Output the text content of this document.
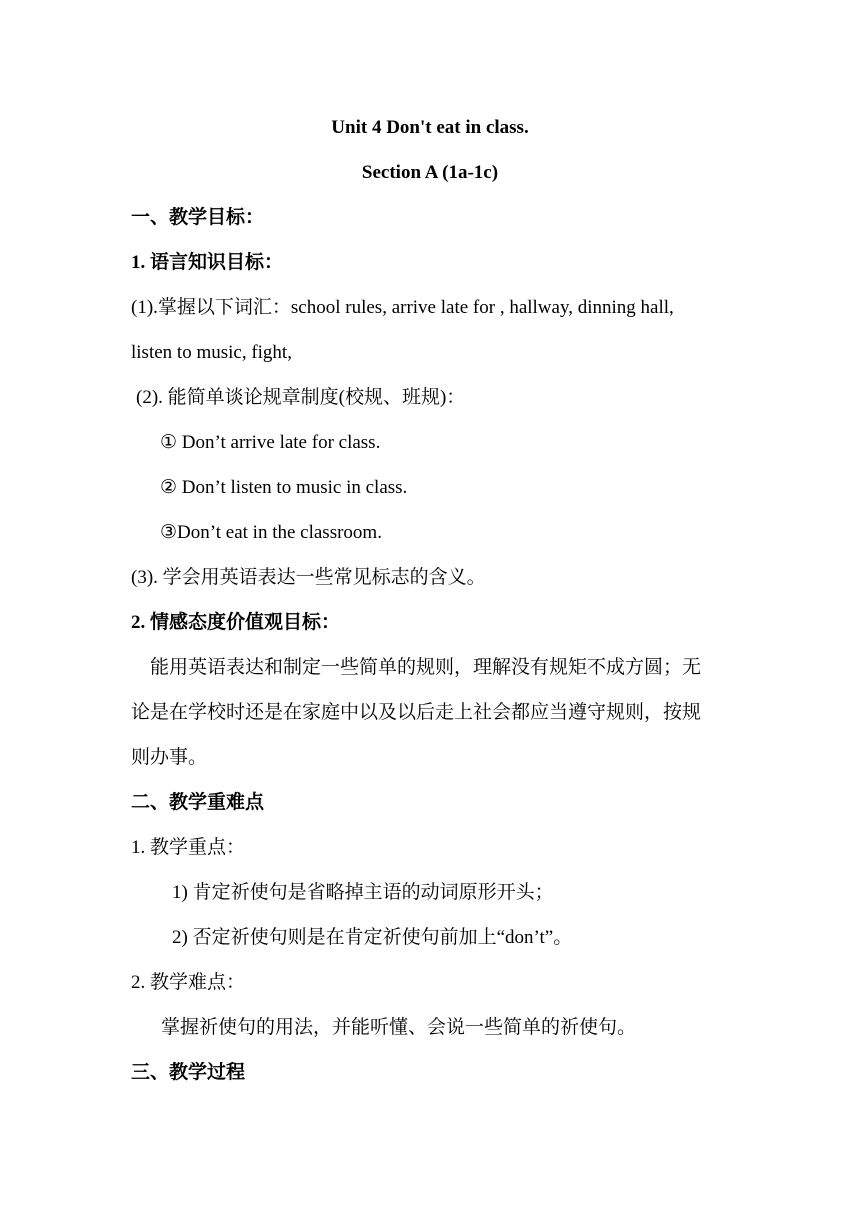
Unit 4 Don't eat in class.
Section A (1a-1c)
一、教学目标：
1. 语言知识目标：
(1).掌握以下词汇：school rules, arrive late for , hallway, dinning hall,
listen to music, fight,
(2). 能简单谈论规章制度(校规、班规)：
① Don’t arrive late for class.
② Don’t listen to music in class.
③Don’t eat in the classroom.
(3). 学会用英语表达一些常见标志的含义。
2. 情感态度价值观目标：
能用英语表达和制定一些简单的规则，理解没有规矩不成方圆；无
论是在学校时还是在家庭中以及以后走上社会都应当遵守规则，按规
则办事。
二、教学重难点
1. 教学重点：
1) 肯定祈使句是省略掉主语的动词原形开头；
2) 否定祈使句则是在肯定祈使句前加上“don’t”。
2. 教学难点：
掌握祈使句的用法，并能听懂、会说一些简单的祈使句。
三、教学过程
